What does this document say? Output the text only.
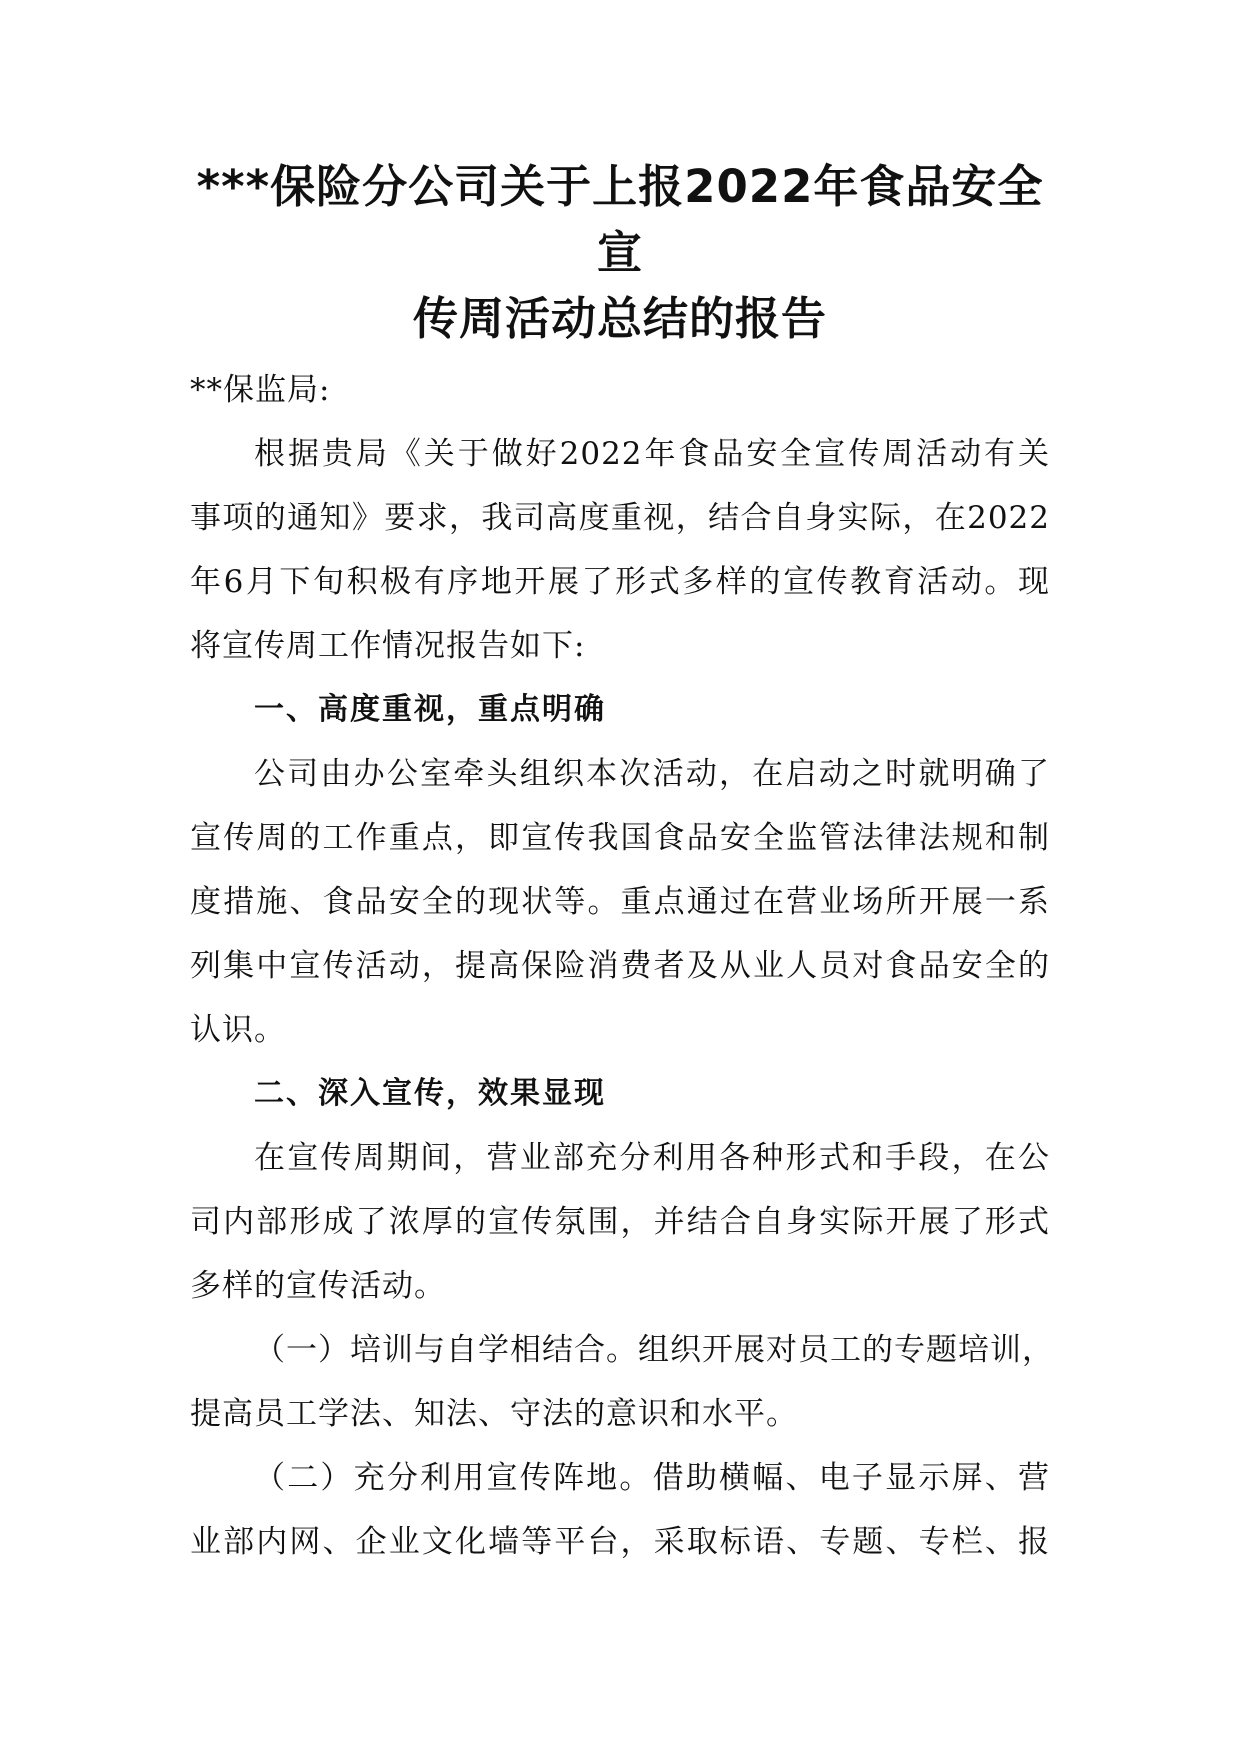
***保险分公司关于上报2022年食品安全宣
传周活动总结的报告
**保监局:
根据贵局《关于做好2022年食品安全宣传周活动有关
事项的通知》要求，我司高度重视，结合自身实际，在2022
年6月下旬积极有序地开展了形式多样的宣传教育活动。现
将宣传周工作情况报告如下:
一、高度重视，重点明确
公司由办公室牵头组织本次活动，在启动之时就明确了
宣传周的工作重点，即宣传我国食品安全监管法律法规和制
度措施、食品安全的现状等。重点通过在营业场所开展一系
列集中宣传活动，提高保险消费者及从业人员对食品安全的
认识。
二、深入宣传，效果显现
在宣传周期间，营业部充分利用各种形式和手段，在公
司内部形成了浓厚的宣传氛围，并结合自身实际开展了形式
多样的宣传活动。
（一）培训与自学相结合。组织开展对员工的专题培训，
提高员工学法、知法、守法的意识和水平。
（二）充分利用宣传阵地。借助横幅、电子显示屏、营
业部内网、企业文化墙等平台，采取标语、专题、专栏、报
